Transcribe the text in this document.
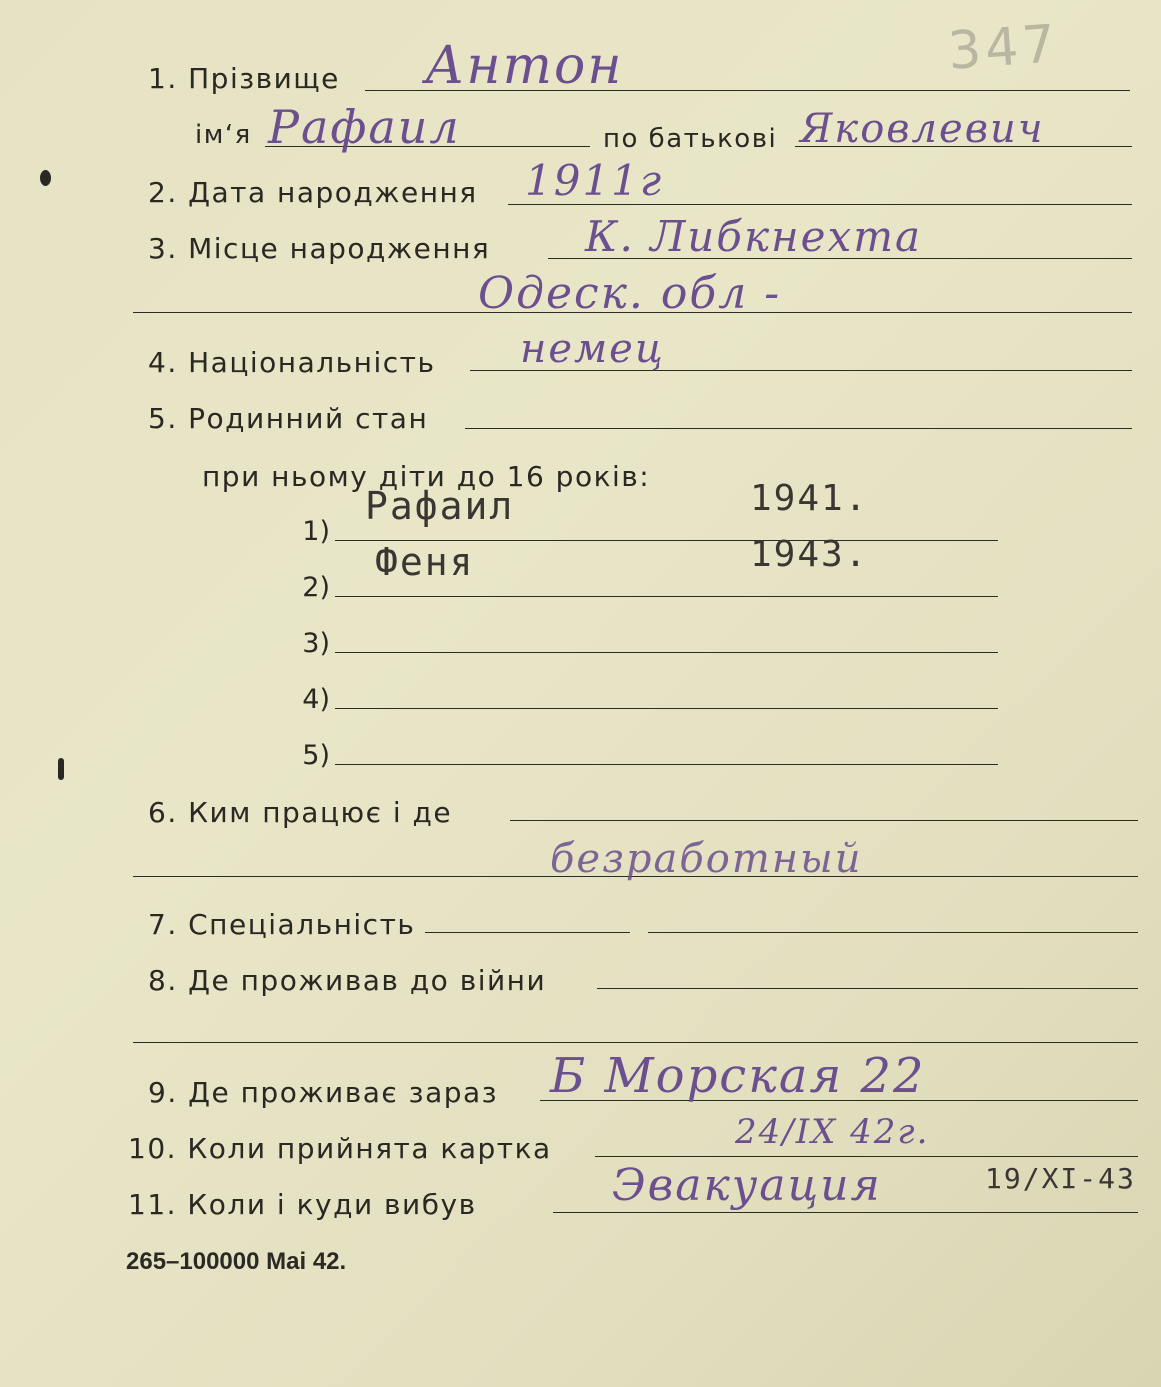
347
1. Прізвище Антон
ім‘я Рафаил	по батькові Яковлевич
2. Дата народження 1911г
3. Місце народження К. Либкнехта
Одеск. обл -
4. Національність немец
5. Родинний стан
при ньому діти до 16 років:
1)
Рафаил	1941.
2)
Феня	1943.
3)
4)
5)
6. Ким працює і де
безработный
7. Спеціальність
8. Де проживав до війни
9. Де проживає зараз Б Морская 22
10. Коли прийнята картка	24/IX 42г.
11. Коли і куди вибув	Эвакуация	19/XI-43
265–100000 Mai 42.
